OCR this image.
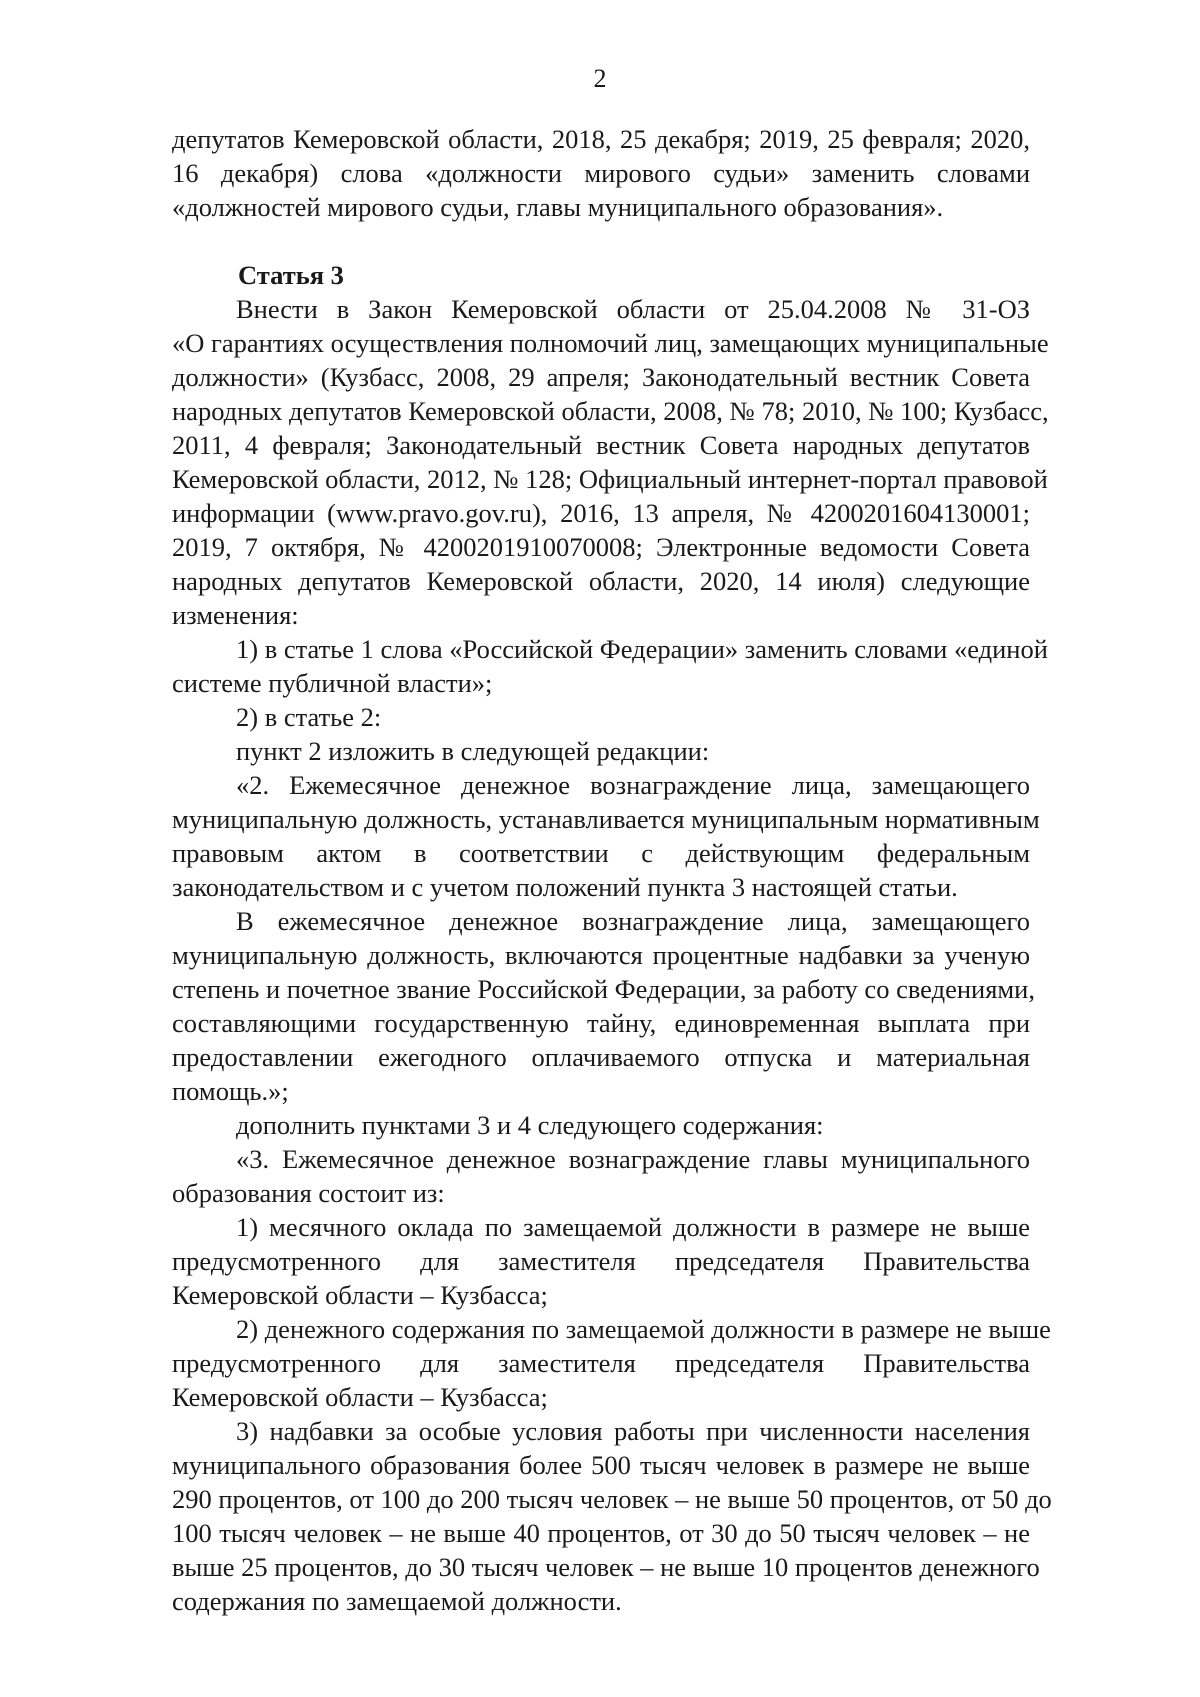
2
депутатов Кемеровской области, 2018, 25 декабря; 2019, 25 февраля; 2020,
16 декабря) слова «должности мирового судьи» заменить словами
«должностей мирового судьи, главы муниципального образования».
Статья 3
Внести в Закон Кемеровской области от 25.04.2008 № 31-ОЗ
«О гарантиях осуществления полномочий лиц, замещающих муниципальные
должности» (Кузбасс, 2008, 29 апреля; Законодательный вестник Совета
народных депутатов Кемеровской области, 2008, № 78; 2010, № 100; Кузбасс,
2011, 4 февраля; Законодательный вестник Совета народных депутатов
Кемеровской области, 2012, № 128; Официальный интернет-портал правовой
информации (www.pravo.gov.ru), 2016, 13 апреля, № 4200201604130001;
2019, 7 октября, № 4200201910070008; Электронные ведомости Совета
народных депутатов Кемеровской области, 2020, 14 июля) следующие
изменения:
1) в статье 1 слова «Российской Федерации» заменить словами «единой
системе публичной власти»;
2) в статье 2:
пункт 2 изложить в следующей редакции:
«2. Ежемесячное денежное вознаграждение лица, замещающего
муниципальную должность, устанавливается муниципальным нормативным
правовым актом в соответствии с действующим федеральным
законодательством и с учетом положений пункта 3 настоящей статьи.
В ежемесячное денежное вознаграждение лица, замещающего
муниципальную должность, включаются процентные надбавки за ученую
степень и почетное звание Российской Федерации, за работу со сведениями,
составляющими государственную тайну, единовременная выплата при
предоставлении ежегодного оплачиваемого отпуска и материальная
помощь.»;
дополнить пунктами 3 и 4 следующего содержания:
«3. Ежемесячное денежное вознаграждение главы муниципального
образования состоит из:
1) месячного оклада по замещаемой должности в размере не выше
предусмотренного для заместителя председателя Правительства
Кемеровской области – Кузбасса;
2) денежного содержания по замещаемой должности в размере не выше
предусмотренного для заместителя председателя Правительства
Кемеровской области – Кузбасса;
3) надбавки за особые условия работы при численности населения
муниципального образования более 500 тысяч человек в размере не выше
290 процентов, от 100 до 200 тысяч человек – не выше 50 процентов, от 50 до
100 тысяч человек – не выше 40 процентов, от 30 до 50 тысяч человек – не
выше 25 процентов, до 30 тысяч человек – не выше 10 процентов денежного
содержания по замещаемой должности.
